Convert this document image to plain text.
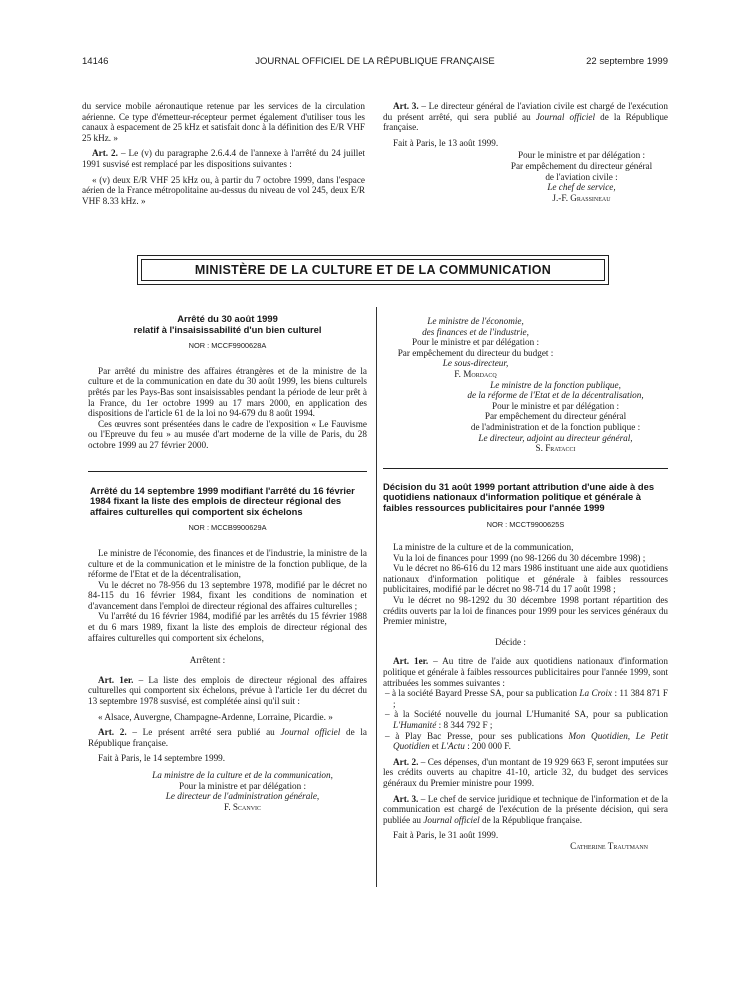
14146	JOURNAL OFFICIEL DE LA RÉPUBLIQUE FRANÇAISE	22 septembre 1999

du service mobile aéronautique retenue par les services de la circulation aérienne. Ce type d'émetteur-récepteur permet également d'utiliser tous les canaux à espacement de 25 kHz et satisfait donc à la définition des E/R VHF 25 kHz. »

Art. 2. – Le (v) du paragraphe 2.6.4.4 de l'annexe à l'arrêté du 24 juillet 1991 susvisé est remplacé par les dispositions suivantes :

« (v) deux E/R VHF 25 kHz ou, à partir du 7 octobre 1999, dans l'espace aérien de la France métropolitaine au-dessus du niveau de vol 245, deux E/R VHF 8.33 kHz. »

Art. 3. – Le directeur général de l'aviation civile est chargé de l'exécution du présent arrêté, qui sera publié au Journal officiel de la République française.

Fait à Paris, le 13 août 1999.

Pour le ministre et par délégation :
Par empêchement du directeur général
de l'aviation civile :
Le chef de service,
J.-F. Grassineau
MINISTÈRE DE LA CULTURE ET DE LA COMMUNICATION
Arrêté du 30 août 1999
relatif à l'insaisissabilité d'un bien culturel
NOR : MCCF9900628A

Par arrêté du ministre des affaires étrangères et de la ministre de la culture et de la communication en date du 30 août 1999, les biens culturels prêtés par les Pays-Bas sont insaisissables pendant la période de leur prêt à la France, du 1er octobre 1999 au 17 mars 2000, en application des dispositions de l'article 61 de la loi no 94-679 du 8 août 1994.

Ces œuvres sont présentées dans le cadre de l'exposition « Le Fauvisme ou l'Epreuve du feu » au musée d'art moderne de la ville de Paris, du 28 octobre 1999 au 27 février 2000.

Arrêté du 14 septembre 1999 modifiant l'arrêté du 16 février 1984 fixant la liste des emplois de directeur régional des affaires culturelles qui comportent six échelons
NOR : MCCB9900629A

Le ministre de l'économie, des finances et de l'industrie, la ministre de la culture et de la communication et le ministre de la fonction publique, de la réforme de l'Etat et de la décentralisation,

Vu le décret no 78-956 du 13 septembre 1978, modifié par le décret no 84-115 du 16 février 1984, fixant les conditions de nomination et d'avancement dans l'emploi de directeur régional des affaires culturelles ;

Vu l'arrêté du 16 février 1984, modifié par les arrêtés du 15 février 1988 et du 6 mars 1989, fixant la liste des emplois de directeur régional des affaires culturelles qui comportent six échelons,

Arrêtent :

Art. 1er. – La liste des emplois de directeur régional des affaires culturelles qui comportent six échelons, prévue à l'article 1er du décret du 13 septembre 1978 susvisé, est complétée ainsi qu'il suit :

« Alsace, Auvergne, Champagne-Ardenne, Lorraine, Picardie. »

Art. 2. – Le présent arrêté sera publié au Journal officiel de la République française.

Fait à Paris, le 14 septembre 1999.

La ministre de la culture et de la communication,
Pour la ministre et par délégation :
Le directeur de l'administration générale,
F. Scanvic
Le ministre de l'économie,
des finances et de l'industrie,
Pour le ministre et par délégation :
Par empêchement du directeur du budget :
Le sous-directeur,
F. Mordacq
Le ministre de la fonction publique,
de la réforme de l'Etat et de la décentralisation,
Pour le ministre et par délégation :
Par empêchement du directeur général
de l'administration et de la fonction publique :
Le directeur, adjoint au directeur général,
S. Fratacci
Décision du 31 août 1999 portant attribution d'une aide à des quotidiens nationaux d'information politique et générale à faibles ressources publicitaires pour l'année 1999
NOR : MCCT9900625S

La ministre de la culture et de la communication,

Vu la loi de finances pour 1999 (no 98-1266 du 30 décembre 1998) ;

Vu le décret no 86-616 du 12 mars 1986 instituant une aide aux quotidiens nationaux d'information politique et générale à faibles ressources publicitaires, modifié par le décret no 98-714 du 17 août 1998 ;

Vu le décret no 98-1292 du 30 décembre 1998 portant répartition des crédits ouverts par la loi de finances pour 1999 pour les services généraux du Premier ministre,

Décide :

Art. 1er. – Au titre de l'aide aux quotidiens nationaux d'information politique et générale à faibles ressources publicitaires pour l'année 1999, sont attribuées les sommes suivantes :

– à la société Bayard Presse SA, pour sa publication La Croix : 11 384 871 F ;
– à la Société nouvelle du journal L'Humanité SA, pour sa publication L'Humanité : 8 344 792 F ;
– à Play Bac Presse, pour ses publications Mon Quotidien, Le Petit Quotidien et L'Actu : 200 000 F.

Art. 2. – Ces dépenses, d'un montant de 19 929 663 F, seront imputées sur les crédits ouverts au chapitre 41-10, article 32, du budget des services généraux du Premier ministre pour 1999.

Art. 3. – Le chef de service juridique et technique de l'information et de la communication est chargé de l'exécution de la présente décision, qui sera publiée au Journal officiel de la République française.

Fait à Paris, le 31 août 1999.

Catherine Trautmann
